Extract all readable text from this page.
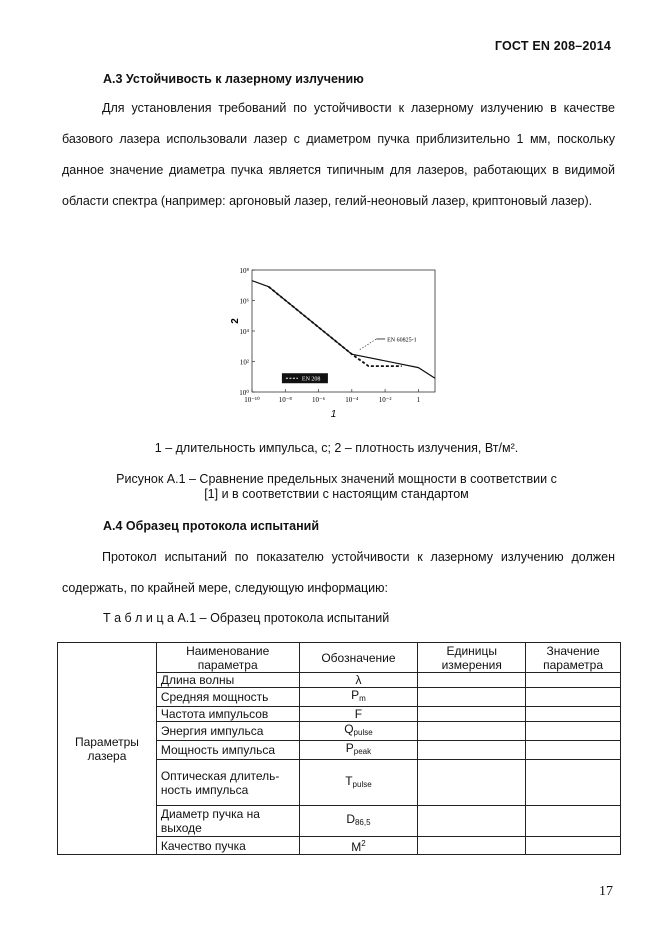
ГОСТ EN 208–2014
А.3 Устойчивость к лазерному излучению

Для установления требований по устойчивости к лазерному излучению в качестве базового лазера использовали лазер с диаметром пучка приблизительно 1 мм, поскольку данное значение диаметра пучка является типичным для лазеров, работающих в видимой области спектра (например: аргоновый лазер, гелий-неоновый лазер, криптоновый лазер).

10⁻¹⁰	10⁻⁸	10⁻⁶	10⁻⁴	10⁻²	1
10⁰
10²
10⁴
10⁶
10⁸
1
2
EN 60825-1
EN 208
1 – длительность импульса, с; 2 – плотность излучения, Вт/м².
Рисунок А.1 – Сравнение предельных значений мощности в соответствии с
[1] и в соответствии с настоящим стандартом
А.4 Образец протокола испытаний

Протокол испытаний по показателю устойчивости к лазерному излучению должен содержать, по крайней мере, следующую информацию:

Т а б л и ц а А.1 – Образец протокола испытаний
Параметры лазера	Наименование параметра	Обозначение	Единицы измерения	Значение параметра
	Длина волны	λ		
	Средняя мощность	$P_m$		
	Частота импульсов	F		
	Энергия импульса	$Q_{pulse}$		
	Мощность импульса	$P_{peak}$		
	Оптическая длитель-ность импульса	$T_{pulse}$		
	Диаметр пучка на выходе	$D_{86,5}$		
	Качество пучка	$M^2$		
17
